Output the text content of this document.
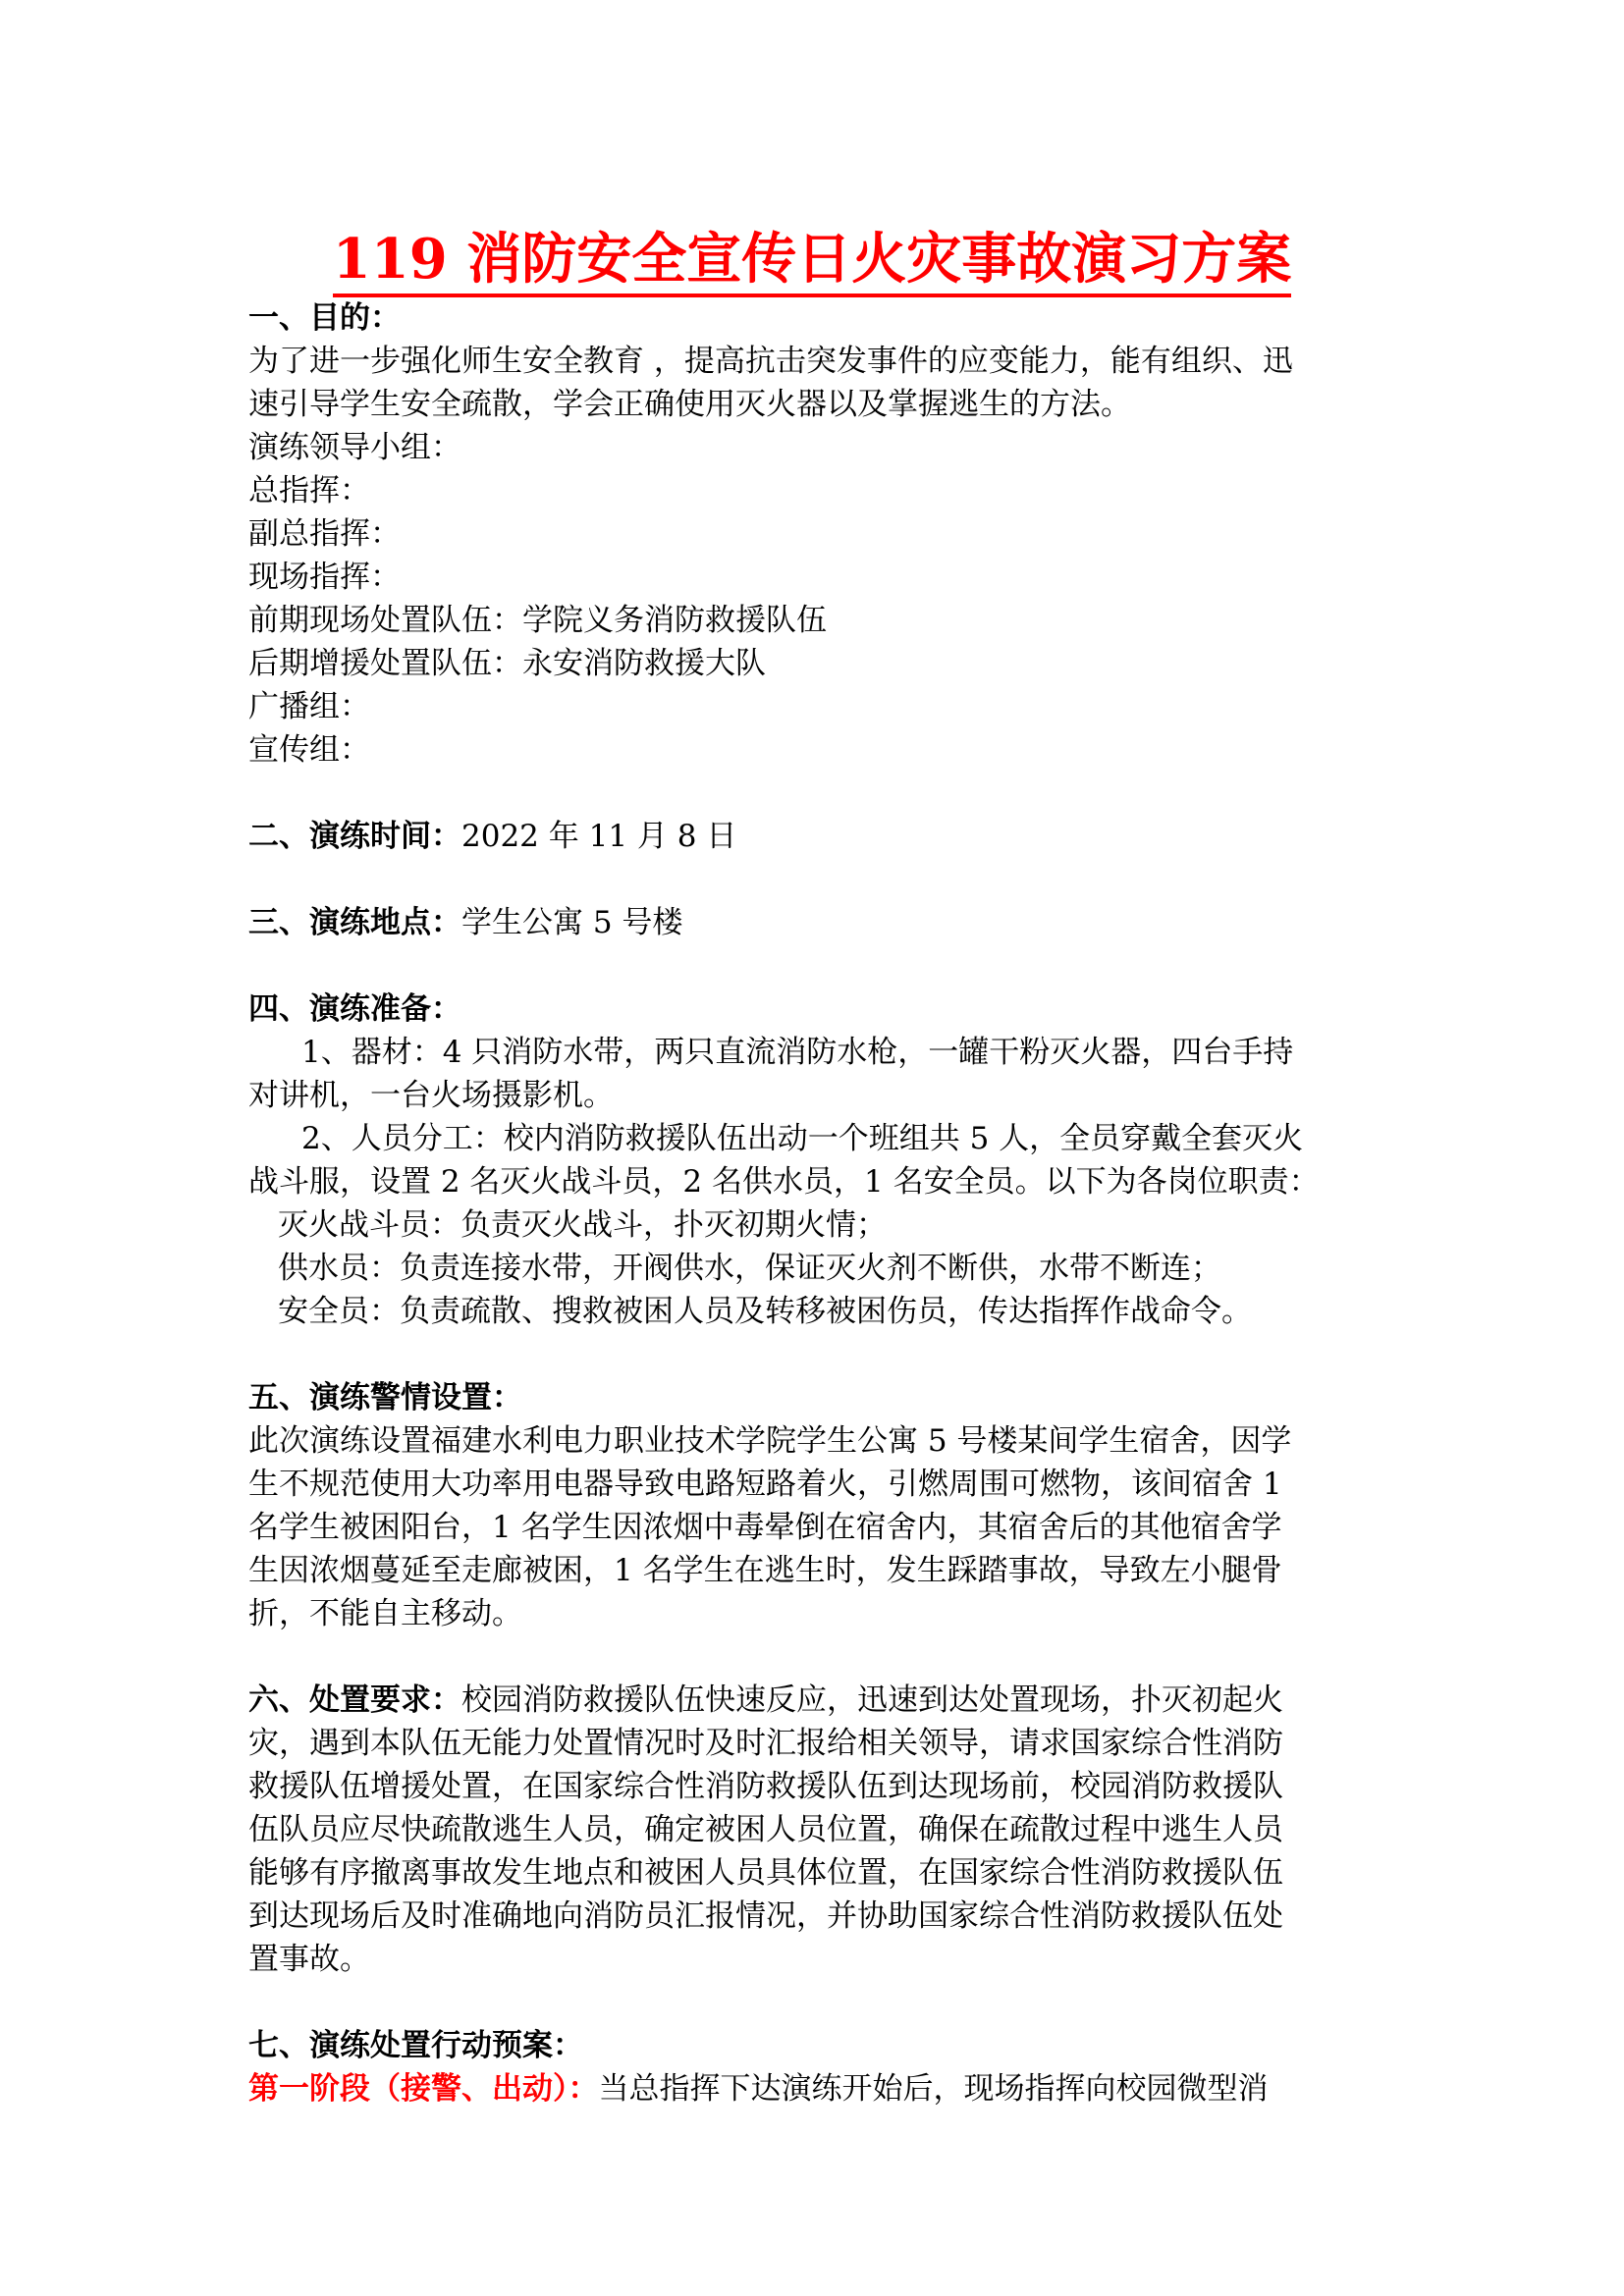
119 消防安全宣传日火灾事故演习方案
一、目的：
为了进一步强化师生安全教育 ，提高抗击突发事件的应变能力，能有组织、迅
速引导学生安全疏散，学会正确使用灭火器以及掌握逃生的方法。
演练领导小组：
总指挥：
副总指挥：
现场指挥：
前期现场处置队伍：学院义务消防救援队伍
后期增援处置队伍：永安消防救援大队
广播组：
宣传组：
二、演练时间：2022 年 11 月 8 日
三、演练地点：学生公寓 5 号楼
四、演练准备：
1、器材：4 只消防水带，两只直流消防水枪，一罐干粉灭火器，四台手持
对讲机，一台火场摄影机。
2、人员分工：校内消防救援队伍出动一个班组共 5 人，全员穿戴全套灭火
战斗服，设置 2 名灭火战斗员，2 名供水员，1 名安全员。以下为各岗位职责：
灭火战斗员：负责灭火战斗，扑灭初期火情；
供水员：负责连接水带，开阀供水，保证灭火剂不断供，水带不断连；
安全员：负责疏散、搜救被困人员及转移被困伤员，传达指挥作战命令。
五、演练警情设置：
此次演练设置福建水利电力职业技术学院学生公寓 5 号楼某间学生宿舍，因学
生不规范使用大功率用电器导致电路短路着火，引燃周围可燃物，该间宿舍 1
名学生被困阳台，1 名学生因浓烟中毒晕倒在宿舍内，其宿舍后的其他宿舍学
生因浓烟蔓延至走廊被困，1 名学生在逃生时，发生踩踏事故，导致左小腿骨
折，不能自主移动。
六、处置要求：校园消防救援队伍快速反应，迅速到达处置现场，扑灭初起火
灾，遇到本队伍无能力处置情况时及时汇报给相关领导，请求国家综合性消防
救援队伍增援处置，在国家综合性消防救援队伍到达现场前，校园消防救援队
伍队员应尽快疏散逃生人员，确定被困人员位置，确保在疏散过程中逃生人员
能够有序撤离事故发生地点和被困人员具体位置，在国家综合性消防救援队伍
到达现场后及时准确地向消防员汇报情况，并协助国家综合性消防救援队伍处
置事故。
七、演练处置行动预案：
第一阶段（接警、出动）：当总指挥下达演练开始后，现场指挥向校园微型消
